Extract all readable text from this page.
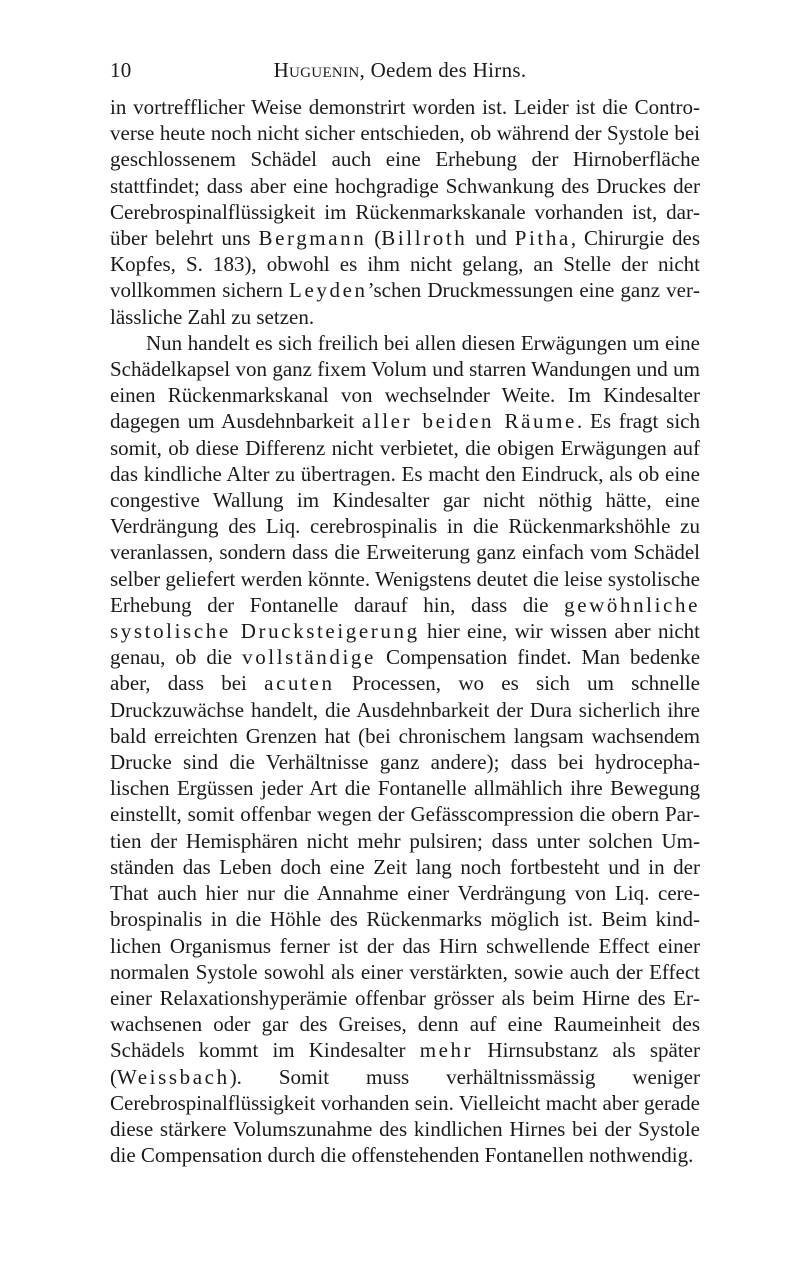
10	Huguenin, Oedem des Hirns.

in vortrefflicher Weise demonstrirt worden ist. Leider ist die Controverse heute noch nicht sicher entschieden, ob während der Systole bei geschlossenem Schädel auch eine Erhebung der Hirnoberfläche stattfindet; dass aber eine hochgradige Schwankung des Druckes der Cerebrospinalflüssigkeit im Rückenmarkskanale vorhanden ist, darüber belehrt uns Bergmann (Billroth und Pitha, Chirurgie des Kopfes, S. 183), obwohl es ihm nicht gelang, an Stelle der nicht vollkommen sichern Leyden’schen Druckmessungen eine ganz verlässliche Zahl zu setzen.

Nun handelt es sich freilich bei allen diesen Erwägungen um eine Schädelkapsel von ganz fixem Volum und starren Wandungen und um einen Rückenmarkskanal von wechselnder Weite. Im Kindesalter dagegen um Ausdehnbarkeit aller beiden Räume. Es fragt sich somit, ob diese Differenz nicht verbietet, die obigen Erwägungen auf das kindliche Alter zu übertragen. Es macht den Eindruck, als ob eine congestive Wallung im Kindesalter gar nicht nöthig hätte, eine Verdrängung des Liq. cerebrospinalis in die Rückenmarkshöhle zu veranlassen, sondern dass die Erweiterung ganz einfach vom Schädel selber geliefert werden könnte. Wenigstens deutet die leise systolische Erhebung der Fontanelle darauf hin, dass die gewöhnliche systolische Drucksteigerung hier eine, wir wissen aber nicht genau, ob die vollständige Compensation findet. Man bedenke aber, dass bei acuten Processen, wo es sich um schnelle Druckzuwächse handelt, die Ausdehnbarkeit der Dura sicherlich ihre bald erreichten Grenzen hat (bei chronischem langsam wachsendem Drucke sind die Verhältnisse ganz andere); dass bei hydrocephalischen Ergüssen jeder Art die Fontanelle allmählich ihre Bewegung einstellt, somit offenbar wegen der Gefässcompression die obern Partien der Hemisphären nicht mehr pulsiren; dass unter solchen Umständen das Leben doch eine Zeit lang noch fortbesteht und in der That auch hier nur die Annahme einer Verdrängung von Liq. cerebrospinalis in die Höhle des Rückenmarks möglich ist. Beim kindlichen Organismus ferner ist der das Hirn schwellende Effect einer normalen Systole sowohl als einer verstärkten, sowie auch der Effect einer Relaxationshyperämie offenbar grösser als beim Hirne des Erwachsenen oder gar des Greises, denn auf eine Raumeinheit des Schädels kommt im Kindesalter mehr Hirnsubstanz als später (Weissbach). Somit muss verhältnissmässig weniger Cerebrospinalflüssigkeit vorhanden sein. Vielleicht macht aber gerade diese stärkere Volumszunahme des kindlichen Hirnes bei der Systole die Compensation durch die offenstehenden Fontanellen nothwendig.
